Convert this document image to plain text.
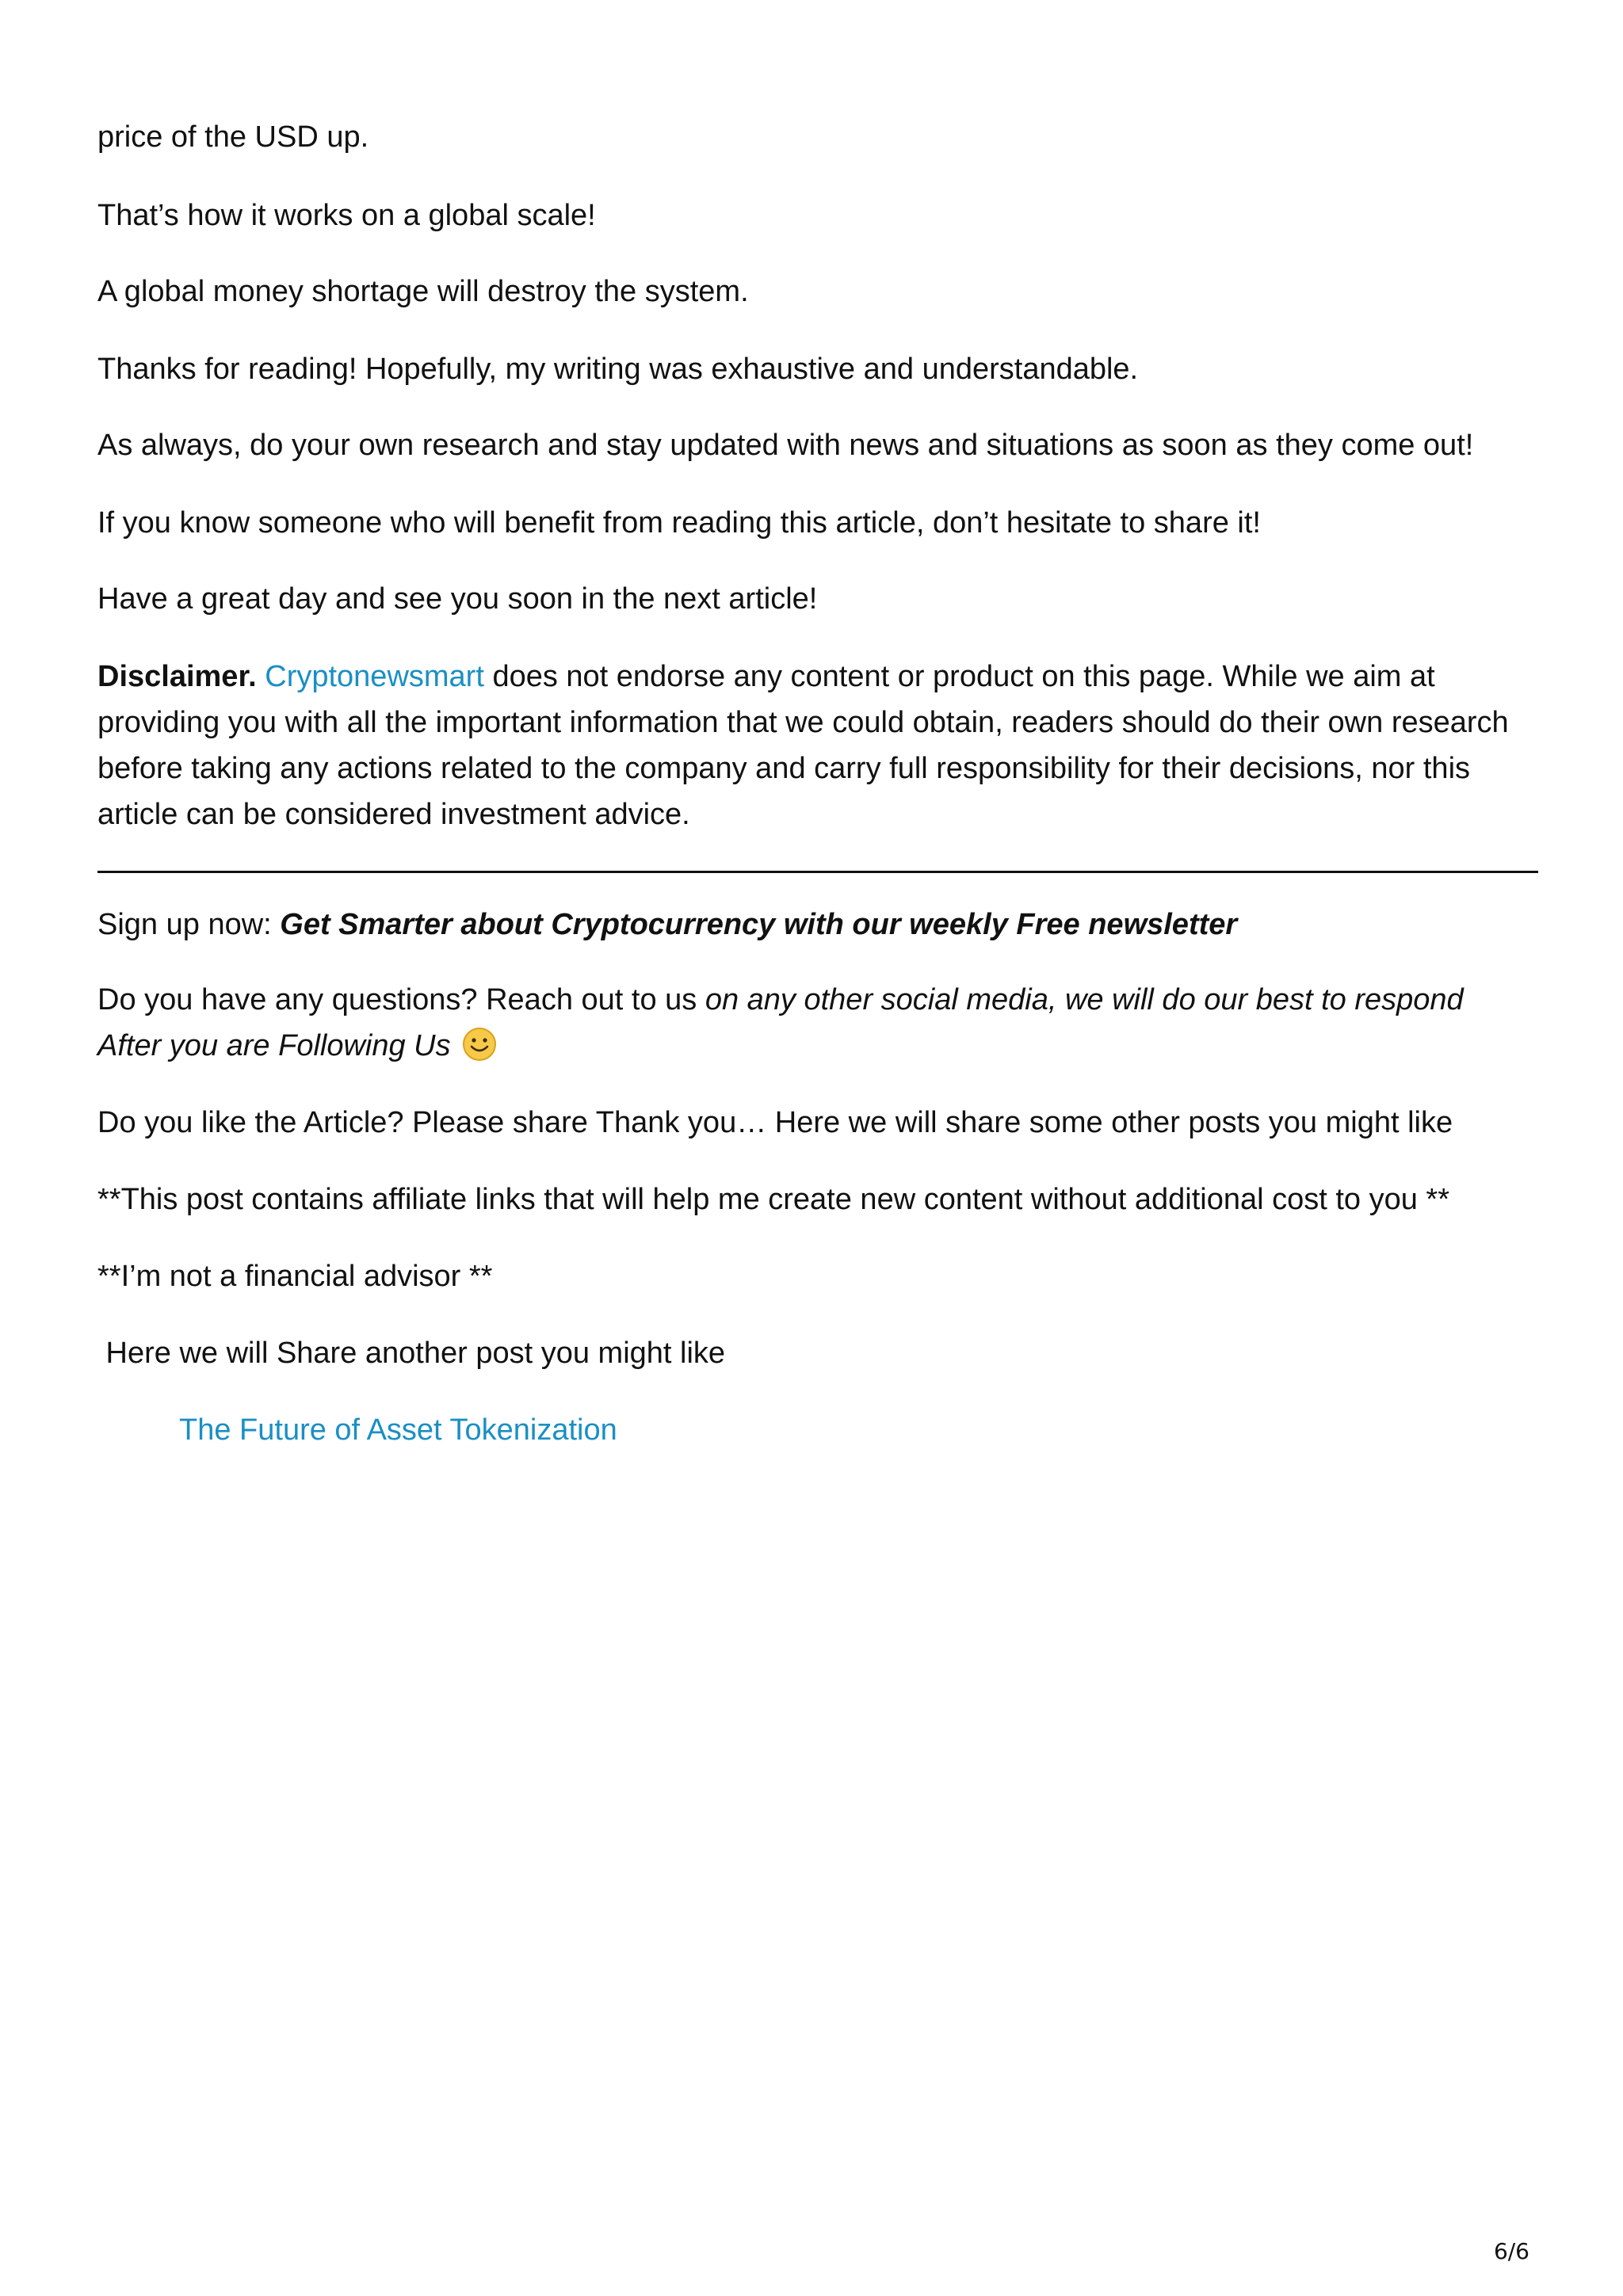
price of the USD up.

That’s how it works on a global scale!

A global money shortage will destroy the system.

Thanks for reading! Hopefully, my writing was exhaustive and understandable.

As always, do your own research and stay updated with news and situations as soon as they come out!

If you know someone who will benefit from reading this article, don’t hesitate to share it!

Have a great day and see you soon in the next article!

Disclaimer. Cryptonewsmart does not endorse any content or product on this page. While we aim at providing you with all the important information that we could obtain, readers should do their own research before taking any actions related to the company and carry full responsibility for their decisions, nor this article can be considered investment advice.

Sign up now: Get Smarter about Cryptocurrency with our weekly Free newsletter

Do you have any questions? Reach out to us on any other social media, we will do our best to respond After you are Following Us

Do you like the Article? Please share Thank you… Here we will share some other posts you might like

**This post contains affiliate links that will help me create new content without additional cost to you **

**I’m not a financial advisor **

Here we will Share another post you might like

The Future of Asset Tokenization

6/6
